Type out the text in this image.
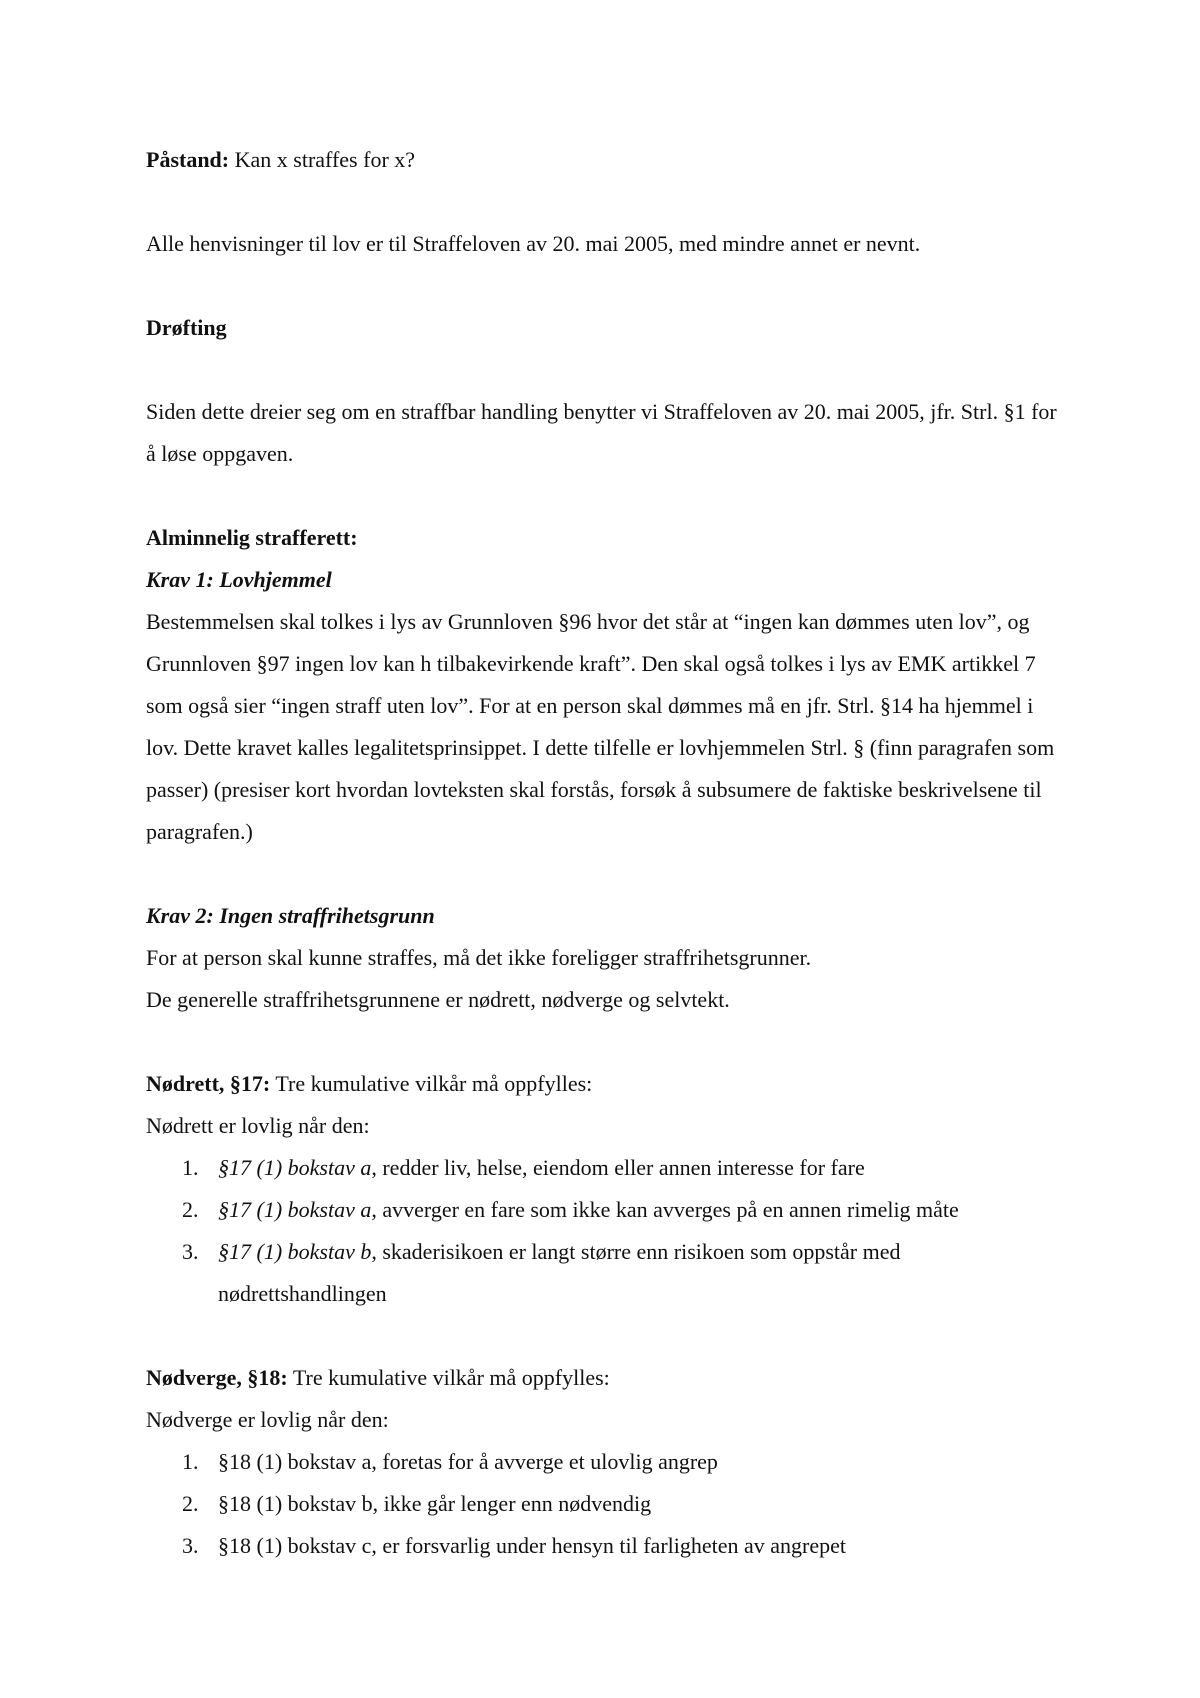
Påstand: Kan x straffes for x?

Alle henvisninger til lov er til Straffeloven av 20. mai 2005, med mindre annet er nevnt.

Drøfting

Siden dette dreier seg om en straffbar handling benytter vi Straffeloven av 20. mai 2005, jfr. Strl. §1 for å løse oppgaven.

Alminnelig strafferett:

Krav 1: Lovhjemmel

Bestemmelsen skal tolkes i lys av Grunnloven §96 hvor det står at “ingen kan dømmes uten lov”, og Grunnloven §97 ingen lov kan h tilbakevirkende kraft”. Den skal også tolkes i lys av EMK artikkel 7 som også sier “ingen straff uten lov”. For at en person skal dømmes må en jfr. Strl. §14 ha hjemmel i lov. Dette kravet kalles legalitetsprinsippet. I dette tilfelle er lovhjemmelen Strl. § (finn paragrafen som passer) (presiser kort hvordan lovteksten skal forstås, forsøk å subsumere de faktiske beskrivelsene til paragrafen.)

Krav 2: Ingen straffrihetsgrunn

For at person skal kunne straffes, må det ikke foreligger straffrihetsgrunner.

De generelle straffrihetsgrunnene er nødrett, nødverge og selvtekt.

Nødrett, §17: Tre kumulative vilkår må oppfylles:

Nødrett er lovlig når den:

1. §17 (1) bokstav a, redder liv, helse, eiendom eller annen interesse for fare
2. §17 (1) bokstav a, avverger en fare som ikke kan avverges på en annen rimelig måte
3. §17 (1) bokstav b, skaderisikoen er langt større enn risikoen som oppstår med nødrettshandlingen

Nødverge, §18: Tre kumulative vilkår må oppfylles:

Nødverge er lovlig når den:

1. §18 (1) bokstav a, foretas for å avverge et ulovlig angrep
2. §18 (1) bokstav b, ikke går lenger enn nødvendig
3. §18 (1) bokstav c, er forsvarlig under hensyn til farligheten av angrepet
